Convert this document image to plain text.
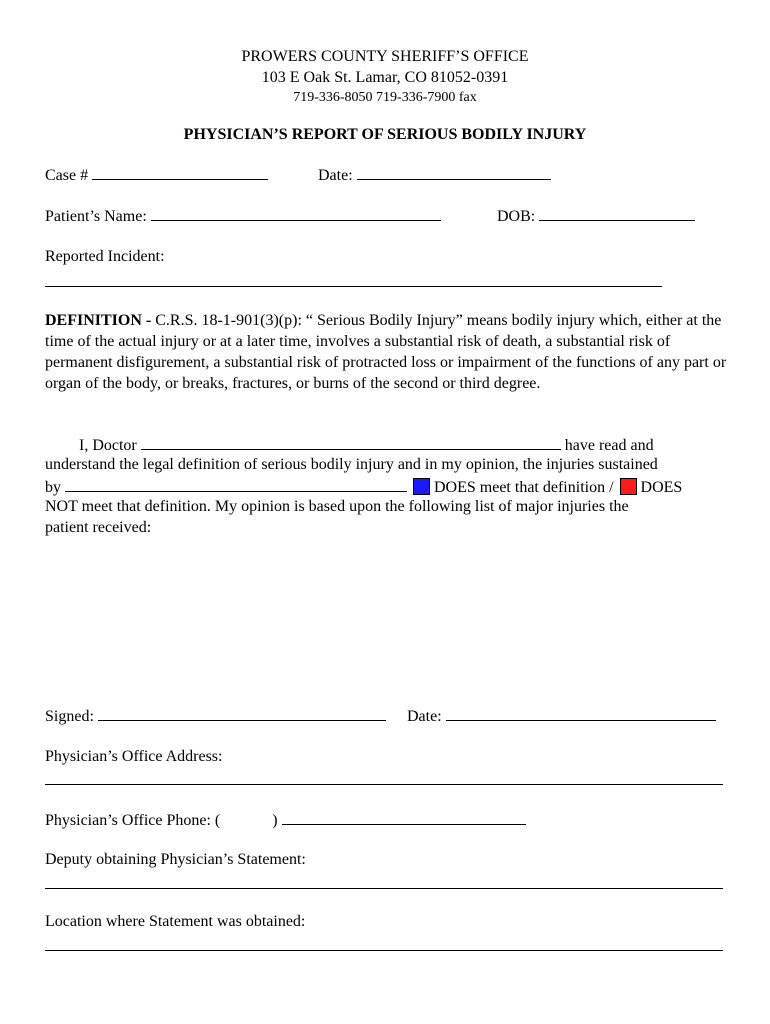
PROWERS COUNTY SHERIFF’S OFFICE
103 E Oak St. Lamar, CO 81052-0391
719-336-8050 719-336-7900 fax
PHYSICIAN’S REPORT OF SERIOUS BODILY INJURY
Case #	Date:
Patient’s Name:	DOB:
Reported Incident:
DEFINITION - C.R.S. 18-1-901(3)(p): “ Serious Bodily Injury” means bodily injury which, either at the time of the actual injury or at a later time, involves a substantial risk of death, a substantial risk of permanent disfigurement, a substantial risk of protracted loss or impairment of the functions of any part or organ of the body, or breaks, fractures, or burns of the second or third degree.
I, Doctor	have read and
understand the legal definition of serious bodily injury and in my opinion, the injuries sustained
by	DOES meet that definition / DOES
NOT meet that definition. My opinion is based upon the following list of major injuries the
patient received:
Signed:	Date:
Physician’s Office Address:
Physician’s Office Phone: (	)
Deputy obtaining Physician’s Statement:
Location where Statement was obtained:
